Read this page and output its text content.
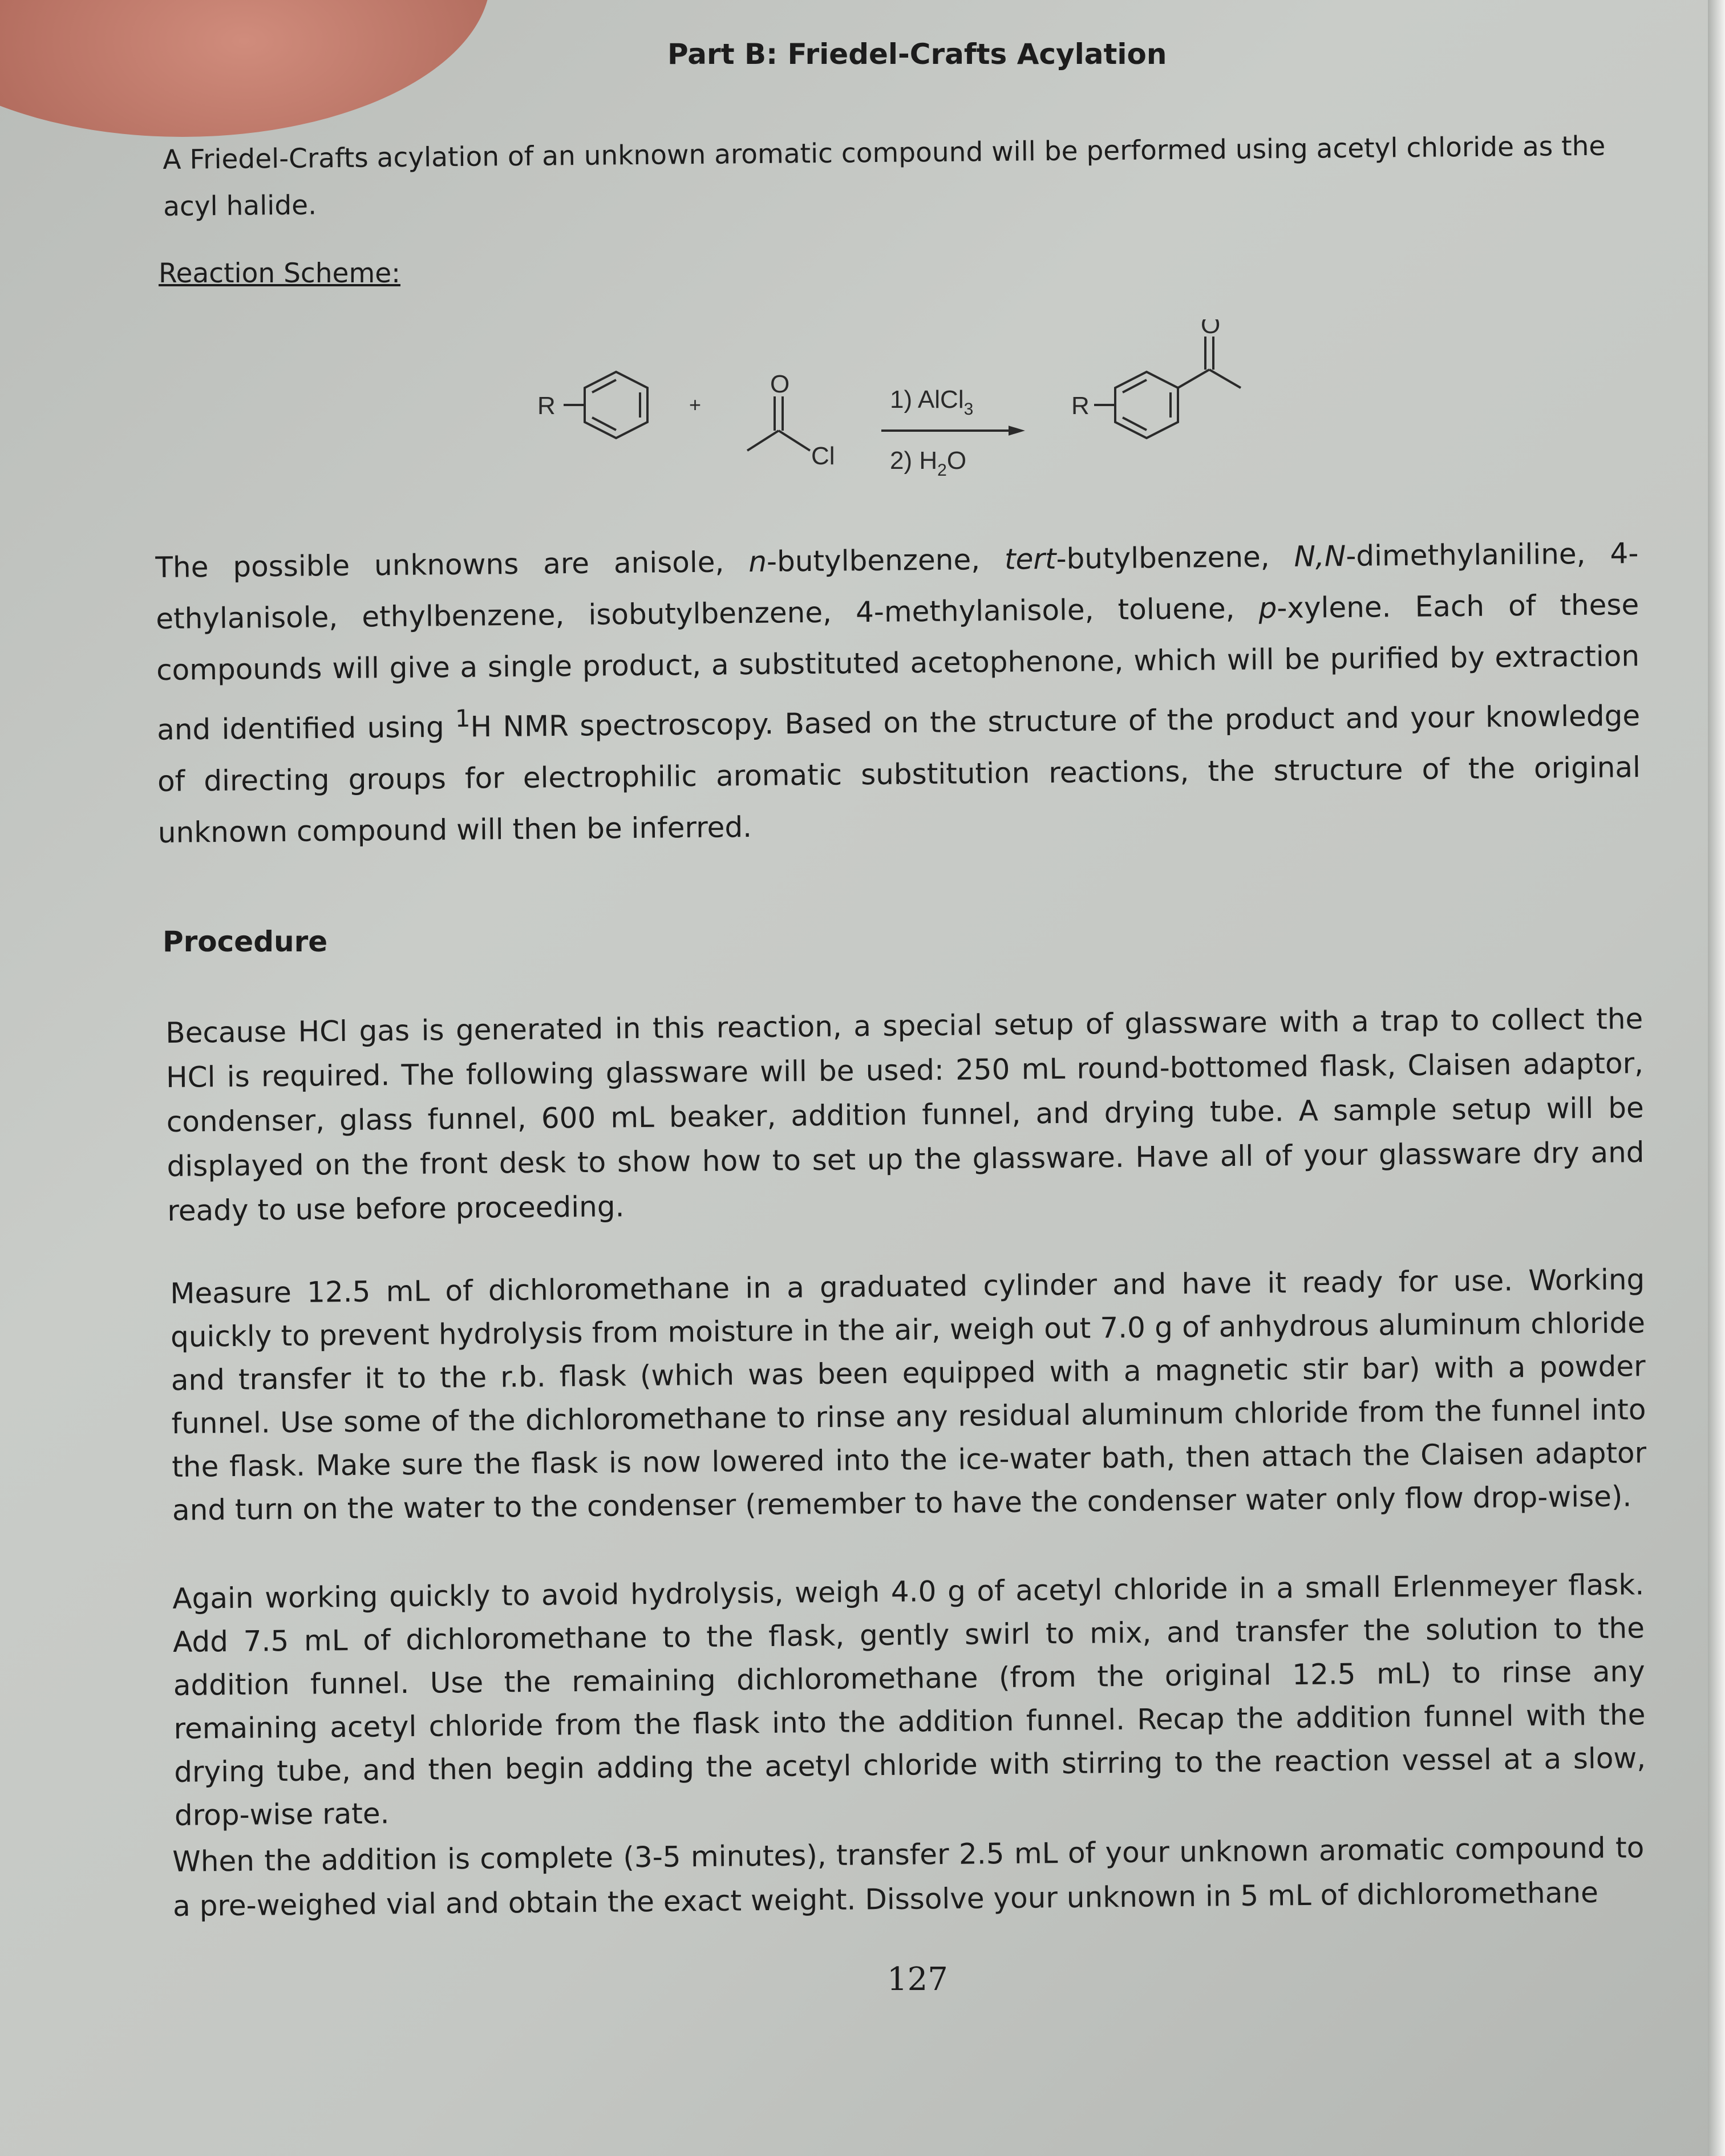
Part B: Friedel-Crafts Acylation
A Friedel-Crafts acylation of an unknown aromatic compound will be performed using acetyl chloride as the acyl halide.
Reaction Scheme:
R	+
O
Cl
1) AlCl$_3$
2) $H_2O$
R
O
The possible unknowns are anisole, n-butylbenzene, tert-butylbenzene, N,N-dimethylaniline, 4-ethylanisole, ethylbenzene, isobutylbenzene, 4-methylanisole, toluene, p-xylene. Each of these compounds will give a single product, a substituted acetophenone, which will be purified by extraction and identified using $^1$H NMR spectroscopy. Based on the structure of the product and your knowledge of directing groups for electrophilic aromatic substitution reactions, the structure of the original unknown compound will then be inferred.
Procedure
Because HCl gas is generated in this reaction, a special setup of glassware with a trap to collect the HCl is required. The following glassware will be used: 250 mL round-bottomed flask, Claisen adaptor, condenser, glass funnel, 600 mL beaker, addition funnel, and drying tube. A sample setup will be displayed on the front desk to show how to set up the glassware. Have all of your glassware dry and ready to use before proceeding.
Measure 12.5 mL of dichloromethane in a graduated cylinder and have it ready for use. Working quickly to prevent hydrolysis from moisture in the air, weigh out 7.0 g of anhydrous aluminum chloride and transfer it to the r.b. flask (which was been equipped with a magnetic stir bar) with a powder funnel. Use some of the dichloromethane to rinse any residual aluminum chloride from the funnel into the flask. Make sure the flask is now lowered into the ice-water bath, then attach the Claisen adaptor and turn on the water to the condenser (remember to have the condenser water only flow drop-wise).
Again working quickly to avoid hydrolysis, weigh 4.0 g of acetyl chloride in a small Erlenmeyer flask. Add 7.5 mL of dichloromethane to the flask, gently swirl to mix, and transfer the solution to the addition funnel. Use the remaining dichloromethane (from the original 12.5 mL) to rinse any remaining acetyl chloride from the flask into the addition funnel. Recap the addition funnel with the drying tube, and then begin adding the acetyl chloride with stirring to the reaction vessel at a slow, drop-wise rate.
When the addition is complete (3-5 minutes), transfer 2.5 mL of your unknown aromatic compound to a pre-weighed vial and obtain the exact weight. Dissolve your unknown in 5 mL of dichloromethane
127
